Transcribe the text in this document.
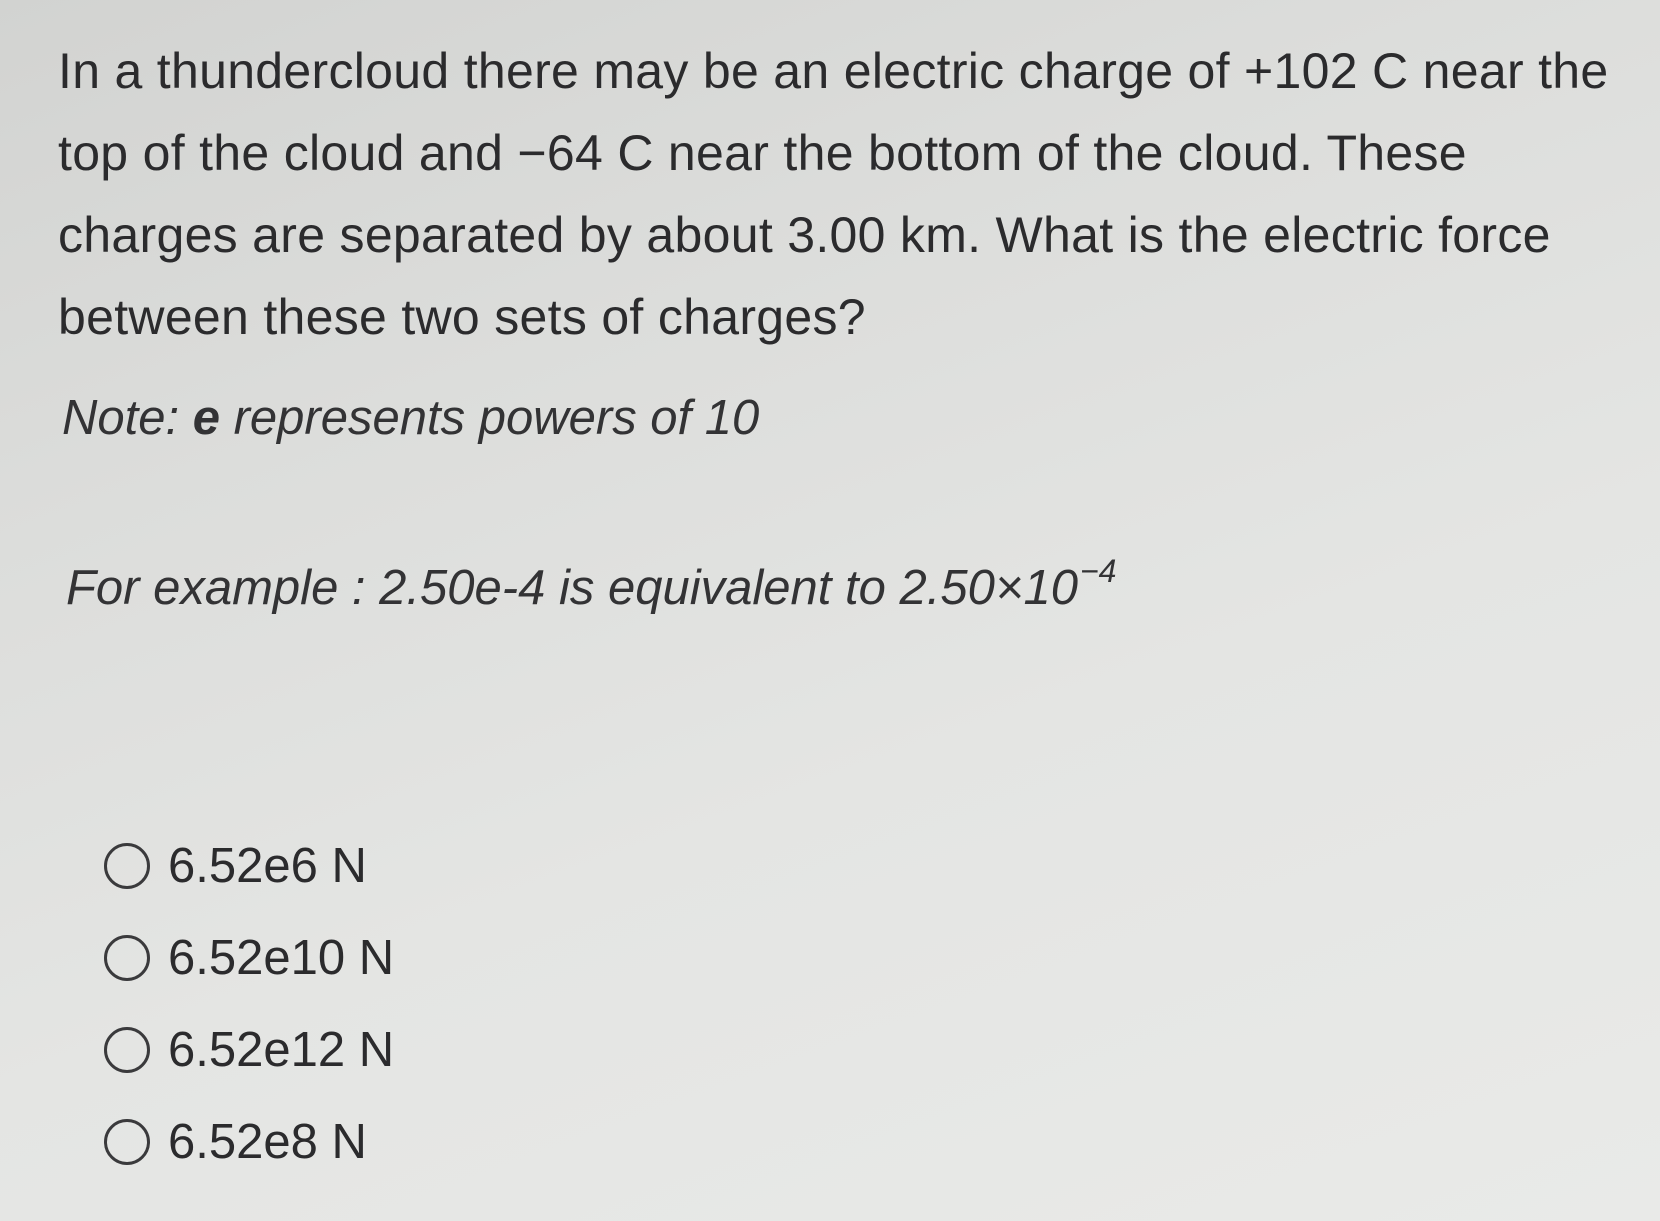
In a thundercloud there may be an electric charge of +102 C near the top of the cloud and −64 C near the bottom of the cloud. These charges are separated by about 3.00 km. What is the electric force between these two sets of charges?
Note: e represents powers of 10
For example : 2.50e-4 is equivalent to $2.50\times 10^{-4}$
6.52e6 N
6.52e10 N
6.52e12 N
6.52e8 N
